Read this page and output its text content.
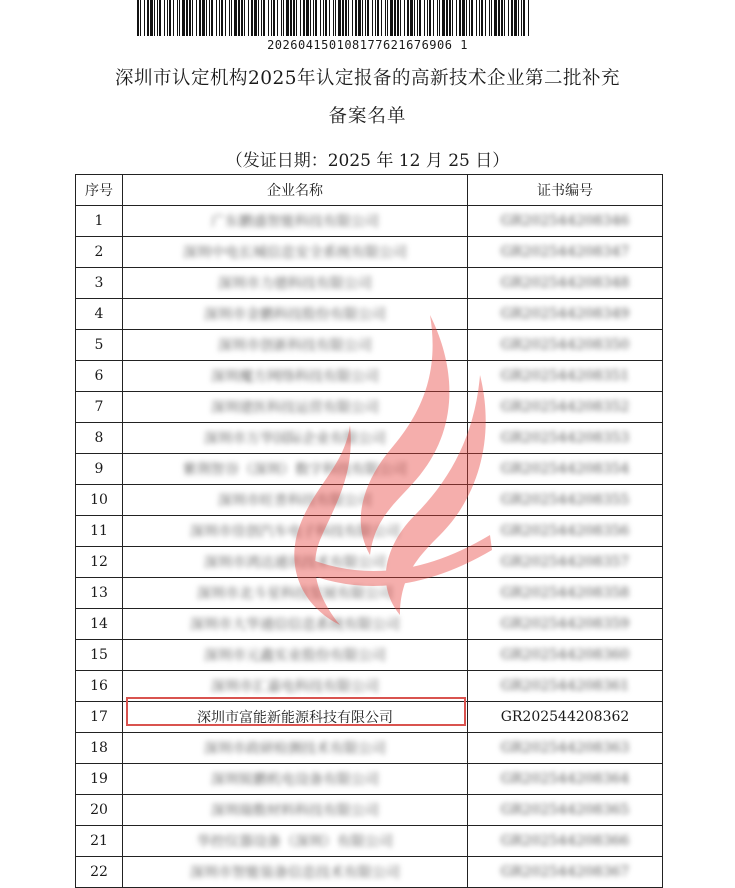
202604150108177621676906 1
深圳市认定机构2025年认定报备的高新技术企业第二批补充
备案名单
（发证日期：2025 年 12 月 25 日）
序号	企业名称	证书编号
1	广东鹏盛智能科技有限公司	GR202544208346
2	深圳中电长城信息安全系统有限公司	GR202544208347
3	深圳市力德科技有限公司	GR202544208348
4	深圳市金鹏科技股份有限公司	GR202544208349
5	深圳市创新科技有限公司	GR202544208350
6	深圳魔方网络科技有限公司	GR202544208351
7	深圳建医科技运营有限公司	GR202544208352
8	深圳市万华国际企业有限公司	GR202544208353
9	紫荆智谷（深圳）数字科技有限公司	GR202544208354
10	深圳市旺普科技有限公司	GR202544208355
11	深圳市佳创汽车电子科技有限公司	GR202544208356
12	深圳市鸿达通讯技术有限公司	GR202544208357
13	深圳市北斗星科技发展有限公司	GR202544208358
14	深圳市大华通信信息系统有限公司	GR202544208359
15	深圳市元鑫实业股份有限公司	GR202544208360
16	深圳市汇嘉电科技有限公司	GR202544208361
17	深圳市富能新能源科技有限公司	GR202544208362
18	深圳市政研检测技术有限公司	GR202544208363
19	深圳锐鹏机电设备有限公司	GR202544208364
20	深圳瑞数材料科技有限公司	GR202544208365
21	华控仪器设备（深圳）有限公司	GR202544208366
22	深圳市智能装备信息技术有限公司	GR202544208367
